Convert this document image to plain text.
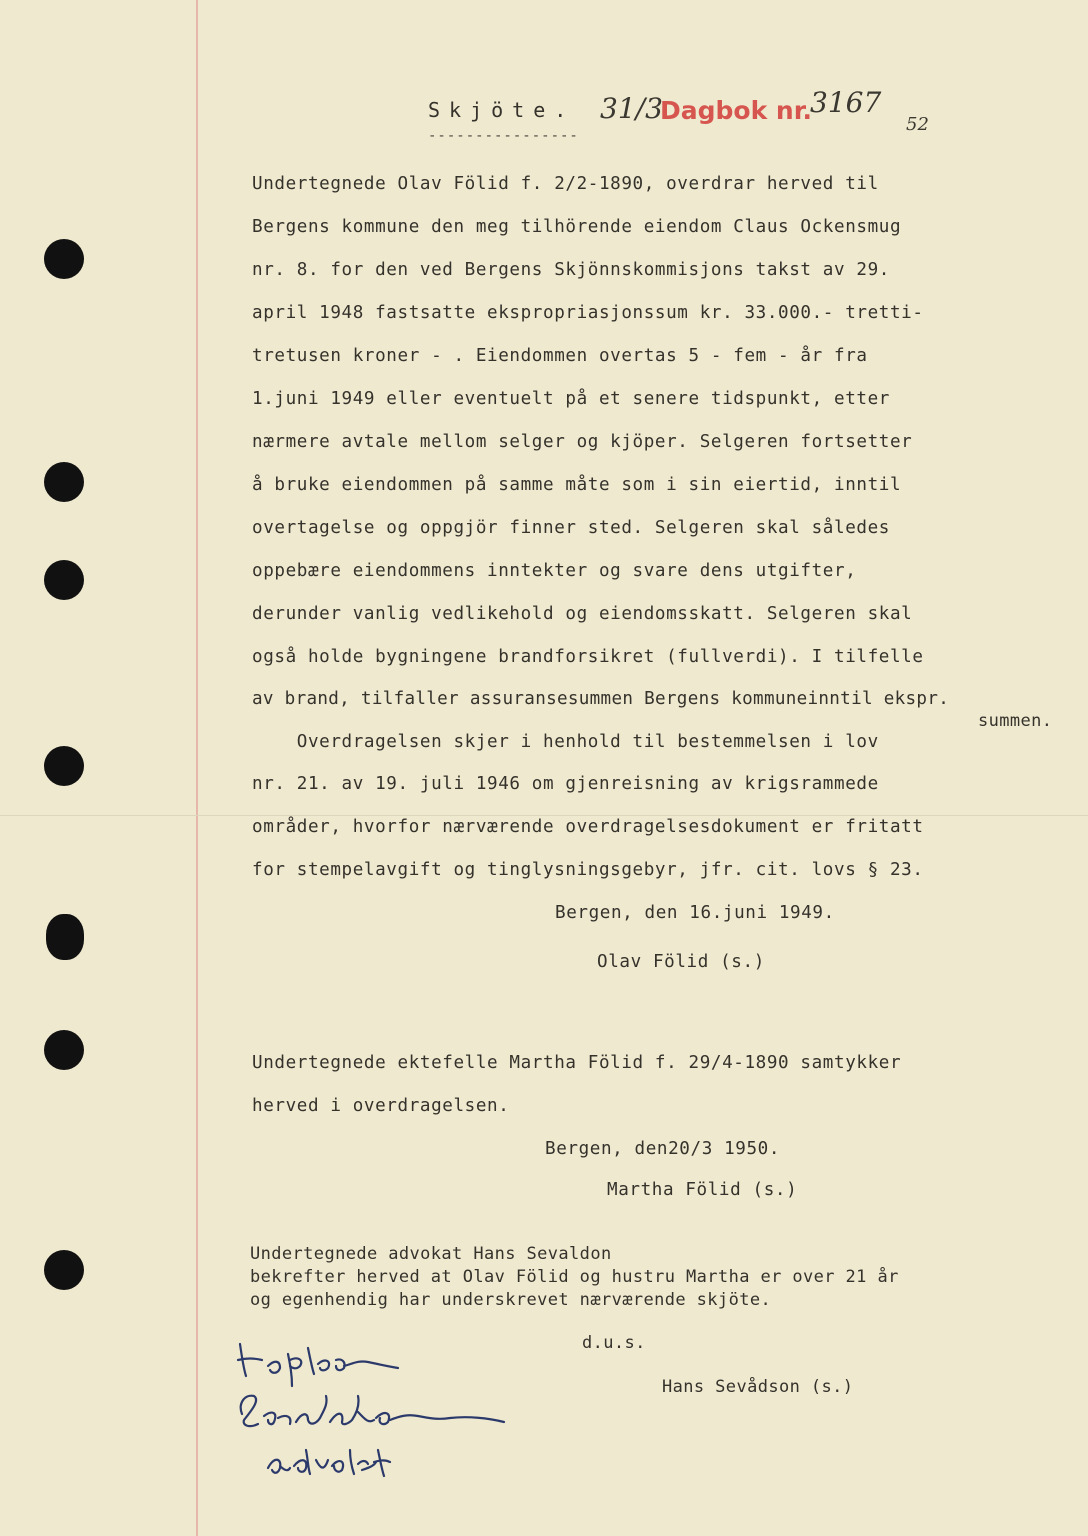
Skjöte.
----------------
31/3
Dagbok nr.
3167
52
Undertegnede Olav Fölid f. 2/2-1890, overdrar herved til
Bergens kommune den meg tilhörende eiendom Claus Ockensmug
nr. 8. for den ved Bergens Skjönnskommisjons takst av 29.
april 1948 fastsatte ekspropriasjonssum kr. 33.000.- tretti-
tretusen kroner - . Eiendommen overtas 5 - fem - år fra
1.juni 1949 eller eventuelt på et senere tidspunkt, etter
nærmere avtale mellom selger og kjöper. Selgeren fortsetter
å bruke eiendommen på samme måte som i sin eiertid, inntil
overtagelse og oppgjör finner sted. Selgeren skal således
oppebære eiendommens inntekter og svare dens utgifter,
derunder vanlig vedlikehold og eiendomsskatt. Selgeren skal
også holde bygningene brandforsikret (fullverdi). I tilfelle
av brand, tilfaller assuransesummen Bergens kommuneinntil ekspr.
summen.
Overdragelsen skjer i henhold til bestemmelsen i lov
nr. 21. av 19. juli 1946 om gjenreisning av krigsrammede
områder, hvorfor nærværende overdragelsesdokument er fritatt
for stempelavgift og tinglysningsgebyr, jfr. cit. lovs § 23.
Bergen, den 16.juni 1949.
Olav Fölid (s.)
Undertegnede ektefelle Martha Fölid f. 29/4-1890 samtykker
herved i overdragelsen.
Bergen, den20/3 1950.
Martha Fölid (s.)
Undertegnede advokat Hans Sevaldon
bekrefter herved at Olav Fölid og hustru Martha er over 21 år
og egenhendig har underskrevet nærværende skjöte.
d.u.s.
Hans Sevådson (s.)
